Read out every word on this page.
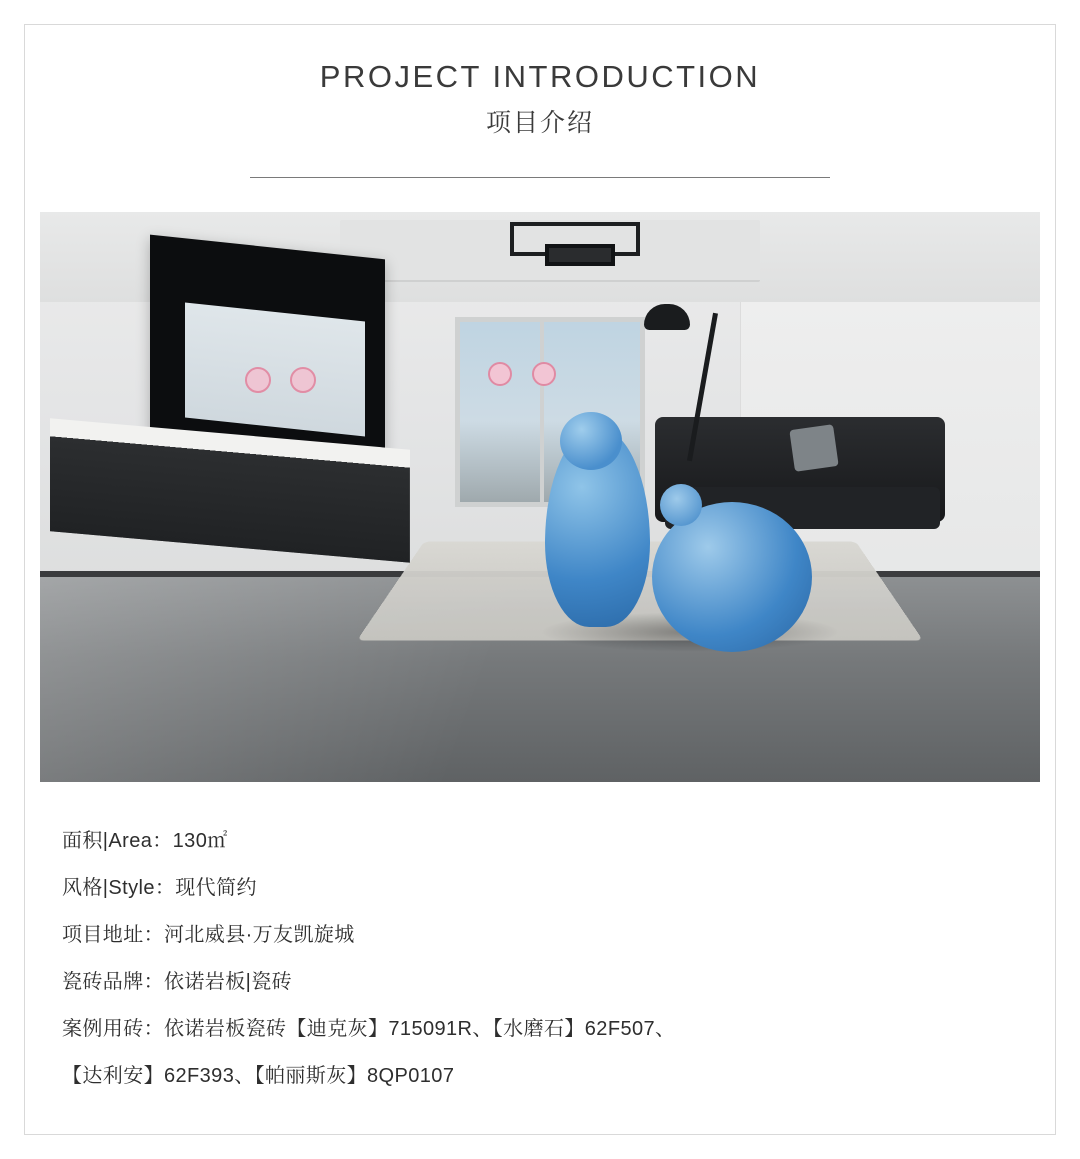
PROJECT INTRODUCTION
项目介绍
面积|Area：130㎡
风格|Style：现代简约
项目地址：河北威县·万友凯旋城
瓷砖品牌：依诺岩板|瓷砖
案例用砖：依诺岩板瓷砖【迪克灰】715091R、【水磨石】62F507、
【达利安】62F393、【帕丽斯灰】8QP0107
